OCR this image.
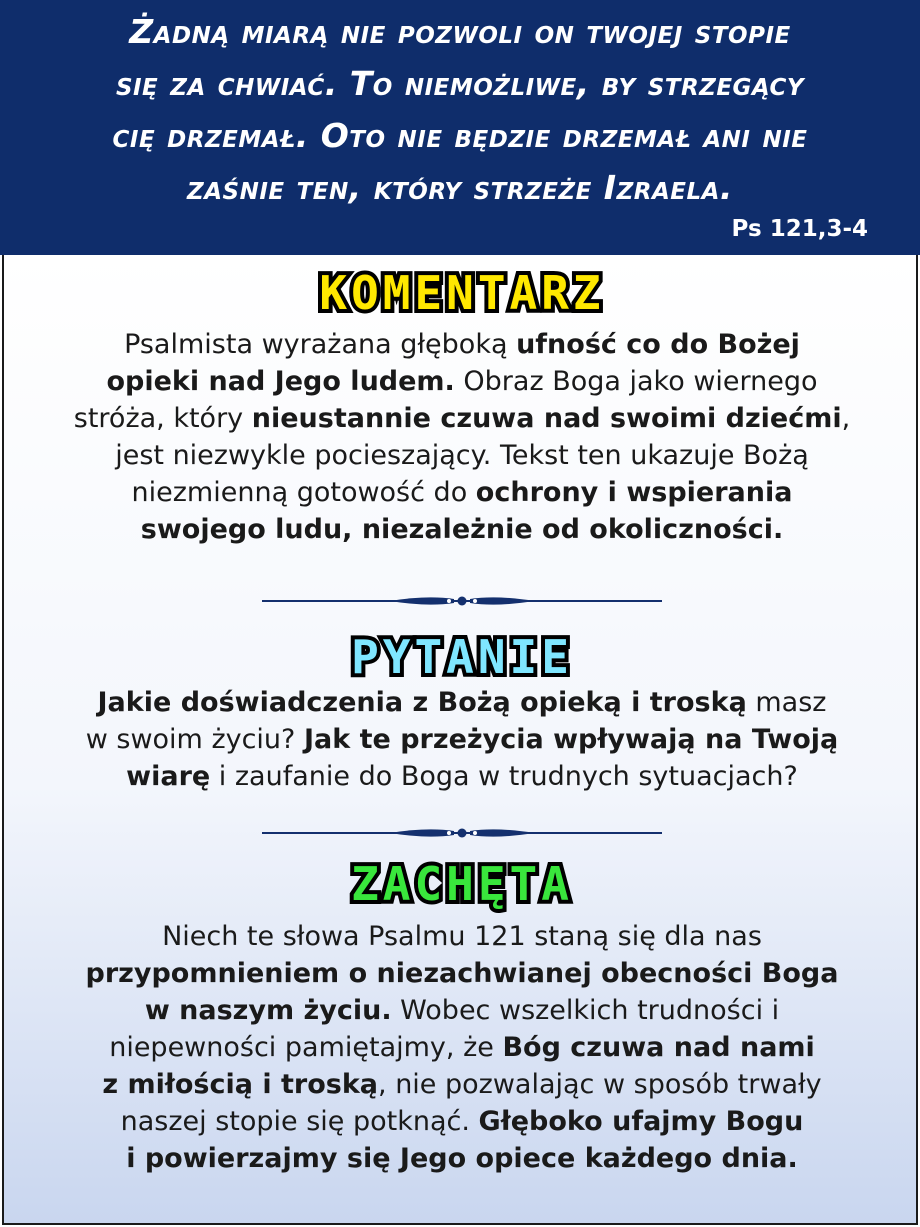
Żadną miarą nie pozwoli on twojej stopie
się za chwiać. To niemożliwe, by strzegący
cię drzemał. Oto nie będzie drzemał ani nie
zaśnie ten, który strzeże Izraela.

Ps 121,3-4
KOMENTARZ

Psalmista wyrażana głęboką ufność co do Bożej
opieki nad Jego ludem. Obraz Boga jako wiernego
stróża, który nieustannie czuwa nad swoimi dziećmi,
jest niezwykle pocieszający. Tekst ten ukazuje Bożą
niezmienną gotowość do ochrony i wspierania
swojego ludu, niezależnie od okoliczności.

PYTANIE

Jakie doświadczenia z Bożą opieką i troską masz
w swoim życiu? Jak te przeżycia wpływają na Twoją
wiarę i zaufanie do Boga w trudnych sytuacjach?

ZACHĘTA

Niech te słowa Psalmu 121 staną się dla nas
przypomnieniem o niezachwianej obecności Boga
w naszym życiu. Wobec wszelkich trudności i
niepewności pamiętajmy, że Bóg czuwa nad nami
z miłością i troską, nie pozwalając w sposób trwały
naszej stopie się potknąć. Głęboko ufajmy Bogu
i powierzajmy się Jego opiece każdego dnia.
